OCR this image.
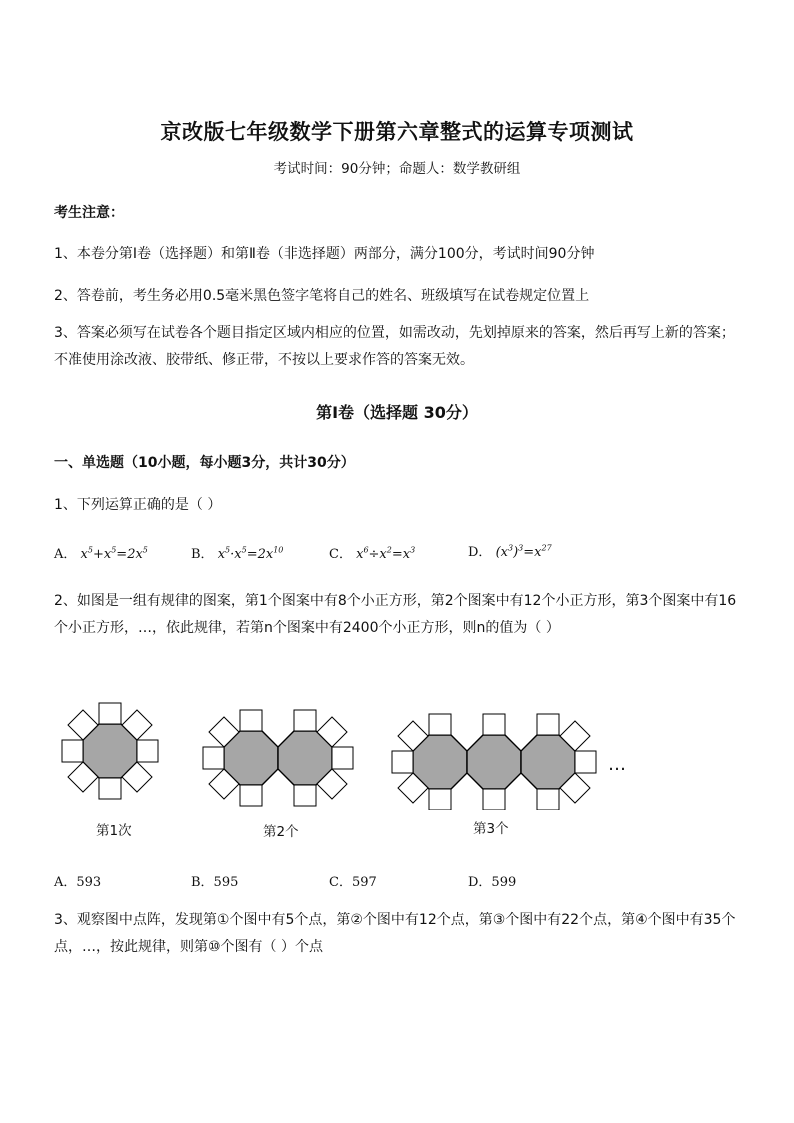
京改版七年级数学下册第六章整式的运算专项测试
考试时间：90分钟；命题人：数学教研组
考生注意：
1、本卷分第Ⅰ卷（选择题）和第Ⅱ卷（非选择题）两部分，满分100分，考试时间90分钟
2、答卷前，考生务必用0.5毫米黑色签字笔将自己的姓名、班级填写在试卷规定位置上
3、答案必须写在试卷各个题目指定区域内相应的位置，如需改动，先划掉原来的答案，然后再写上新的答案；不准使用涂改液、胶带纸、修正带，不按以上要求作答的答案无效。
第Ⅰ卷（选择题 30分）
一、单选题（10小题，每小题3分，共计30分）
1、下列运算正确的是（ ）
A． $x^5+x^5=2x^5$	B． $x^5\cdot x^5=2x^{10}$	C． $x^6\div x^2=x^3$	D． $(x^3)^3=x^{27}$
2、如图是一组有规律的图案，第1个图案中有8个小正方形，第2个图案中有12个小正方形，第3个图案中有16个小正方形，…，依此规律，若第n个图案中有2400个小正方形，则n的值为（ ）
…
第1次	第2个	第3个
A．593	B．595	C．597	D．599
3、观察图中点阵，发现第①个图中有5个点，第②个图中有12个点，第③个图中有22个点，第④个图中有35个点，…，按此规律，则第⑩个图有（ ）个点
